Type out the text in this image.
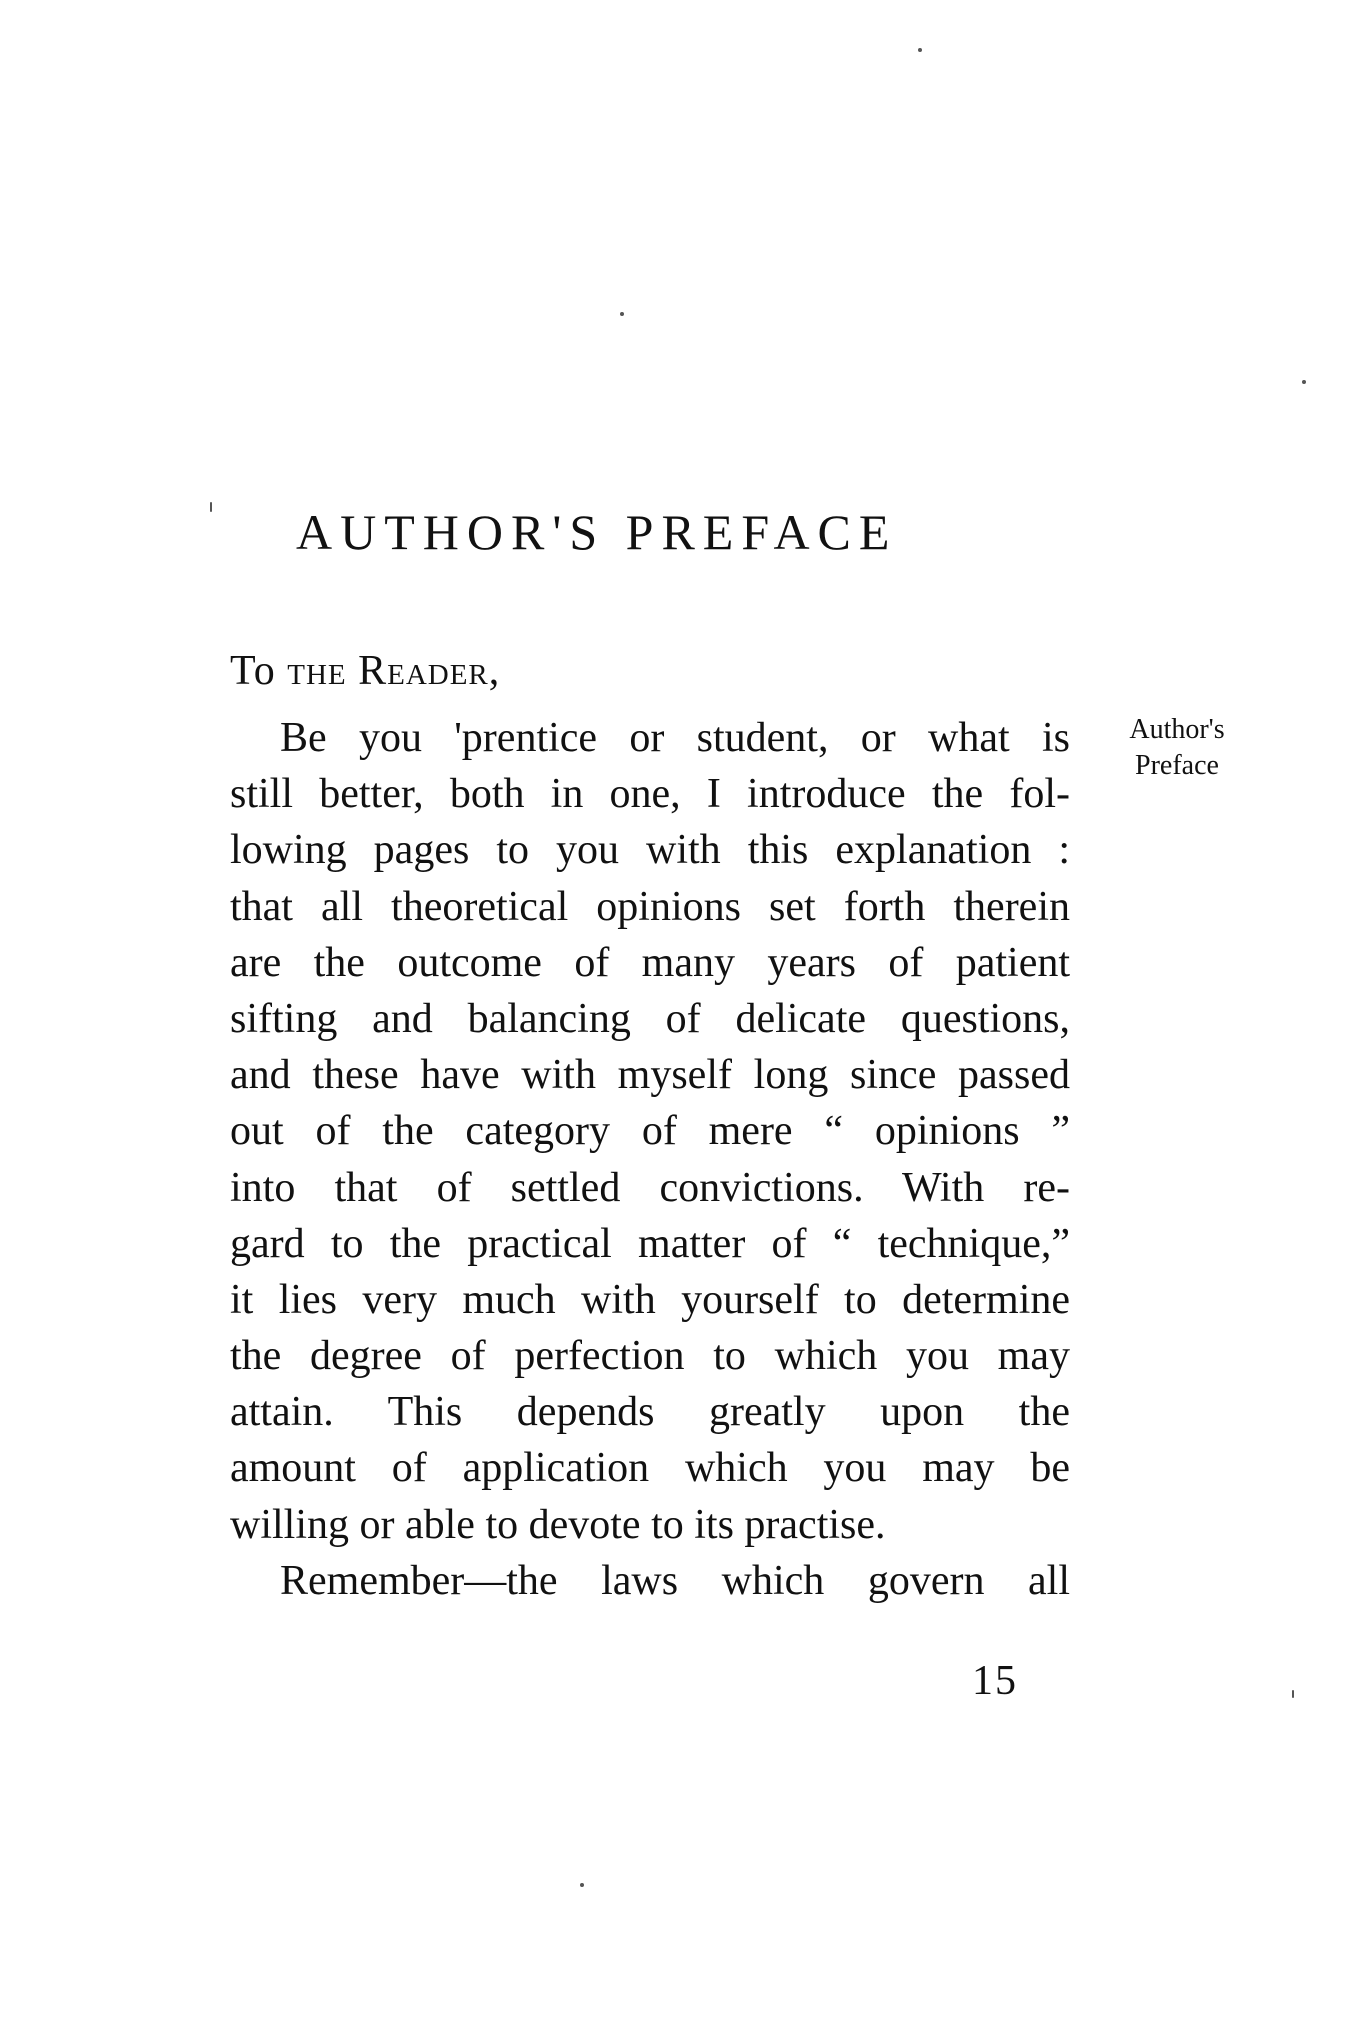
AUTHOR'S PREFACE
To the Reader,
Be you 'prentice or student, or what is
still better, both in one, I introduce the fol-
lowing pages to you with this explanation :
that all theoretical opinions set forth therein
are the outcome of many years of patient
sifting and balancing of delicate questions,
and these have with myself long since passed
out of the category of mere “ opinions ”
into that of settled convictions. With re-
gard to the practical matter of “ technique,”
it lies very much with yourself to determine
the degree of perfection to which you may
attain. This depends greatly upon the
amount of application which you may be
willing or able to devote to its practise.
Remember—the laws which govern all
Author's
Preface
15
